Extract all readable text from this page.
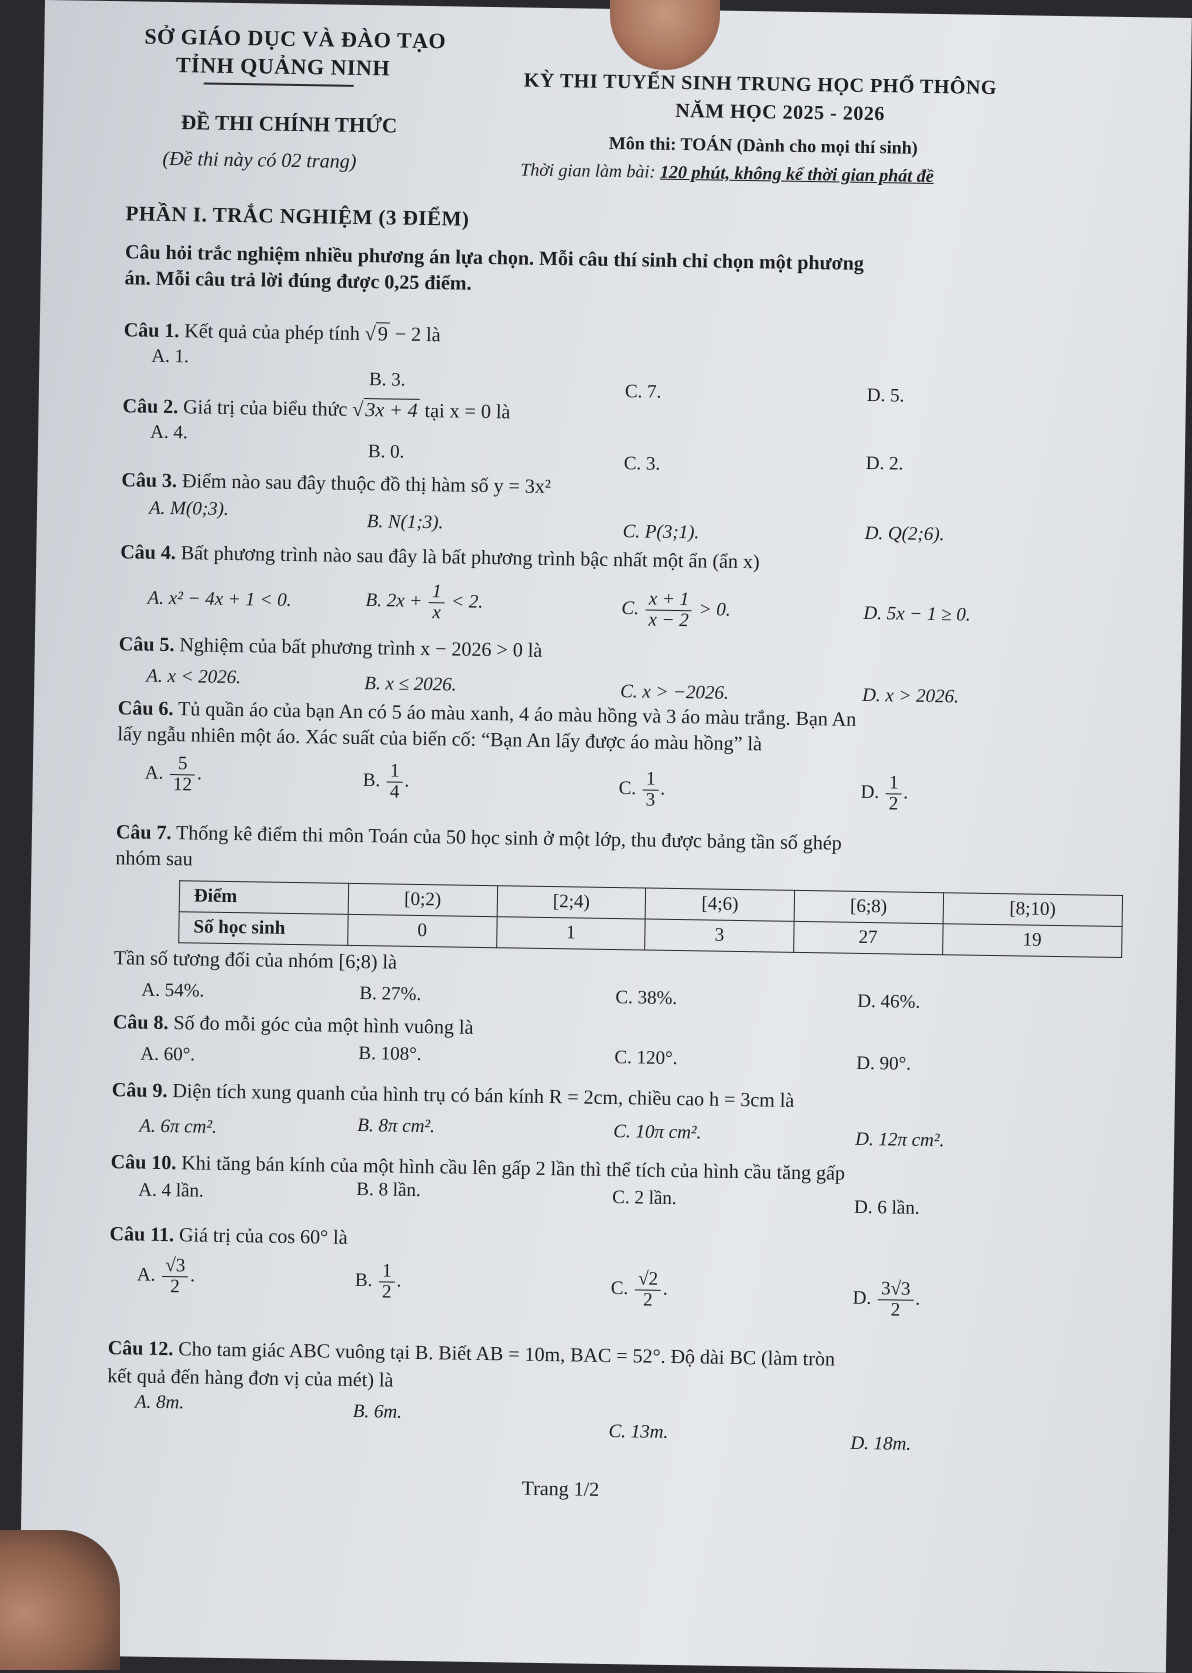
SỞ GIÁO DỤC VÀ ĐÀO TẠO
TỈNH QUẢNG NINH
ĐỀ THI CHÍNH THỨC
(Đề thi này có 02 trang)
KỲ THI TUYỂN SINH TRUNG HỌC PHỔ THÔNG
NĂM HỌC 2025 - 2026
Môn thi: TOÁN (Dành cho mọi thí sinh)
Thời gian làm bài: 120 phút, không kể thời gian phát đề
PHẦN I. TRẮC NGHIỆM (3 ĐIỂM)
Câu hỏi trắc nghiệm nhiều phương án lựa chọn. Mỗi câu thí sinh chỉ chọn một phương
án. Mỗi câu trả lời đúng được 0,25 điểm.
Câu 1. Kết quả của phép tính √9 − 2 là
A. 1.
B. 3.
C. 7.	D. 5.
Câu 2. Giá trị của biểu thức √3x + 4 tại x = 0 là
A. 4.
B. 0.
C. 3.	D. 2.
Câu 3. Điểm nào sau đây thuộc đồ thị hàm số y = 3x²
A. M(0;3).
B. N(1;3).	C. P(3;1).	D. Q(2;6).
Câu 4. Bất phương trình nào sau đây là bất phương trình bậc nhất một ẩn (ẩn x)
A. x² − 4x + 1 < 0.	B. $2x + \frac{1}{x} < 2$.	C. $\frac{x + 1}{x - 2} > 0$.	D. 5x − 1 ≥ 0.
Câu 5. Nghiệm của bất phương trình x − 2026 > 0 là
A. x < 2026.	B. x ≤ 2026.	C. x > −2026.	D. x > 2026.
Câu 6. Tủ quần áo của bạn An có 5 áo màu xanh, 4 áo màu hồng và 3 áo màu trắng. Bạn An
lấy ngẫu nhiên một áo. Xác suất của biến cố: “Bạn An lấy được áo màu hồng” là
A. $\frac{5}{12}$ .	B. $\frac{1}{4}$ .	C. $\frac{1}{3}$ .	D. $\frac{1}{2}$ .
Câu 7. Thống kê điểm thi môn Toán của 50 học sinh ở một lớp, thu được bảng tần số ghép
nhóm sau
Điểm	[0;2)	[2;4)	[4;6)	[6;8)	[8;10)
Số học sinh	0	1	3	27	19
Tần số tương đối của nhóm [6;8) là
A. 54%.	B. 27%.	C. 38%.	D. 46%.
Câu 8. Số đo mỗi góc của một hình vuông là
A. 60°.	B. 108°.	C. 120°.	D. 90°.
Câu 9. Diện tích xung quanh của hình trụ có bán kính R = 2cm, chiều cao h = 3cm là
A. 6π cm².	B. 8π cm².	C. 10π cm².	D. 12π cm².
Câu 10. Khi tăng bán kính của một hình cầu lên gấp 2 lần thì thể tích của hình cầu tăng gấp
A. 4 lần.	B. 8 lần.	C. 2 lần.	D. 6 lần.
Câu 11. Giá trị của cos 60° là
A. $\frac{√3}{2}$ .	B. $\frac{1}{2}$ .	C. $\frac{√2}{2}$ .	D. $\frac{3√3}{2}$ .
Câu 12. Cho tam giác ABC vuông tại B. Biết AB = 10m, BAC = 52°. Độ dài BC (làm tròn
kết quả đến hàng đơn vị của mét) là
A. 8m.	B. 6m.
C. 13m.
D. 18m.
Trang 1/2
